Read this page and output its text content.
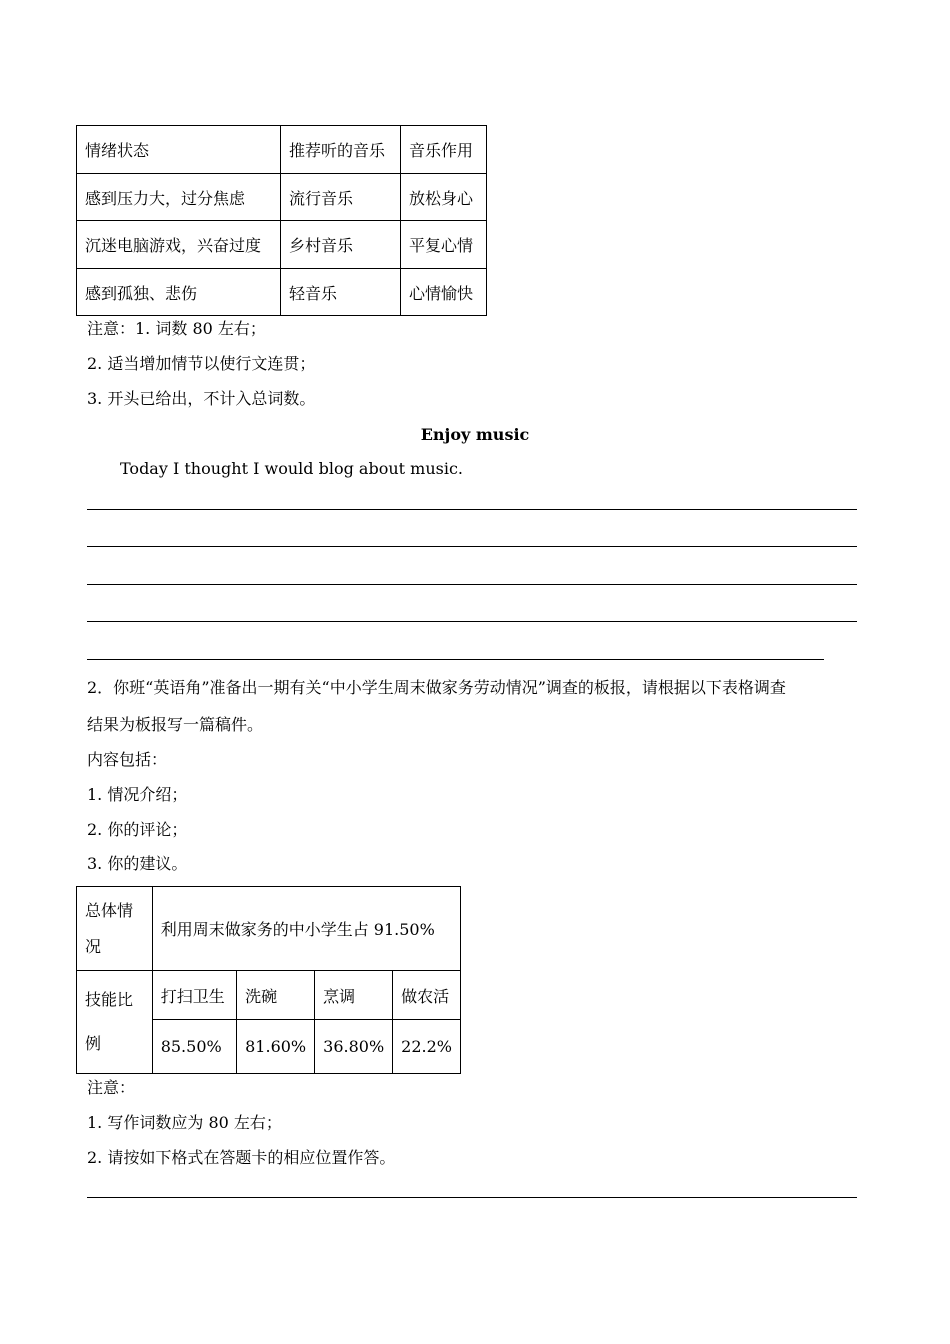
情绪状态	推荐听的音乐	音乐作用
感到压力大，过分焦虑	流行音乐	放松身心
沉迷电脑游戏，兴奋过度	乡村音乐	平复心情
感到孤独、悲伤	轻音乐	心情愉快
注意：1. 词数 80 左右；
2. 适当增加情节以使行文连贯；
3. 开头已给出，不计入总词数。
Enjoy music
Today I thought I would blog about music.
2．你班“英语角”准备出一期有关“中小学生周末做家务劳动情况”调查的板报，请根据以下表格调查
结果为板报写一篇稿件。
内容包括：
1. 情况介绍；
2. 你的评论；
3. 你的建议。
总体情
况	利用周末做家务的中小学生占 91.50%			
技能比
例	打扫卫生	洗碗	烹调	做农活
	85.50%	81.60%	36.80%	22.2%
注意：
1. 写作词数应为 80 左右；
2. 请按如下格式在答题卡的相应位置作答。
